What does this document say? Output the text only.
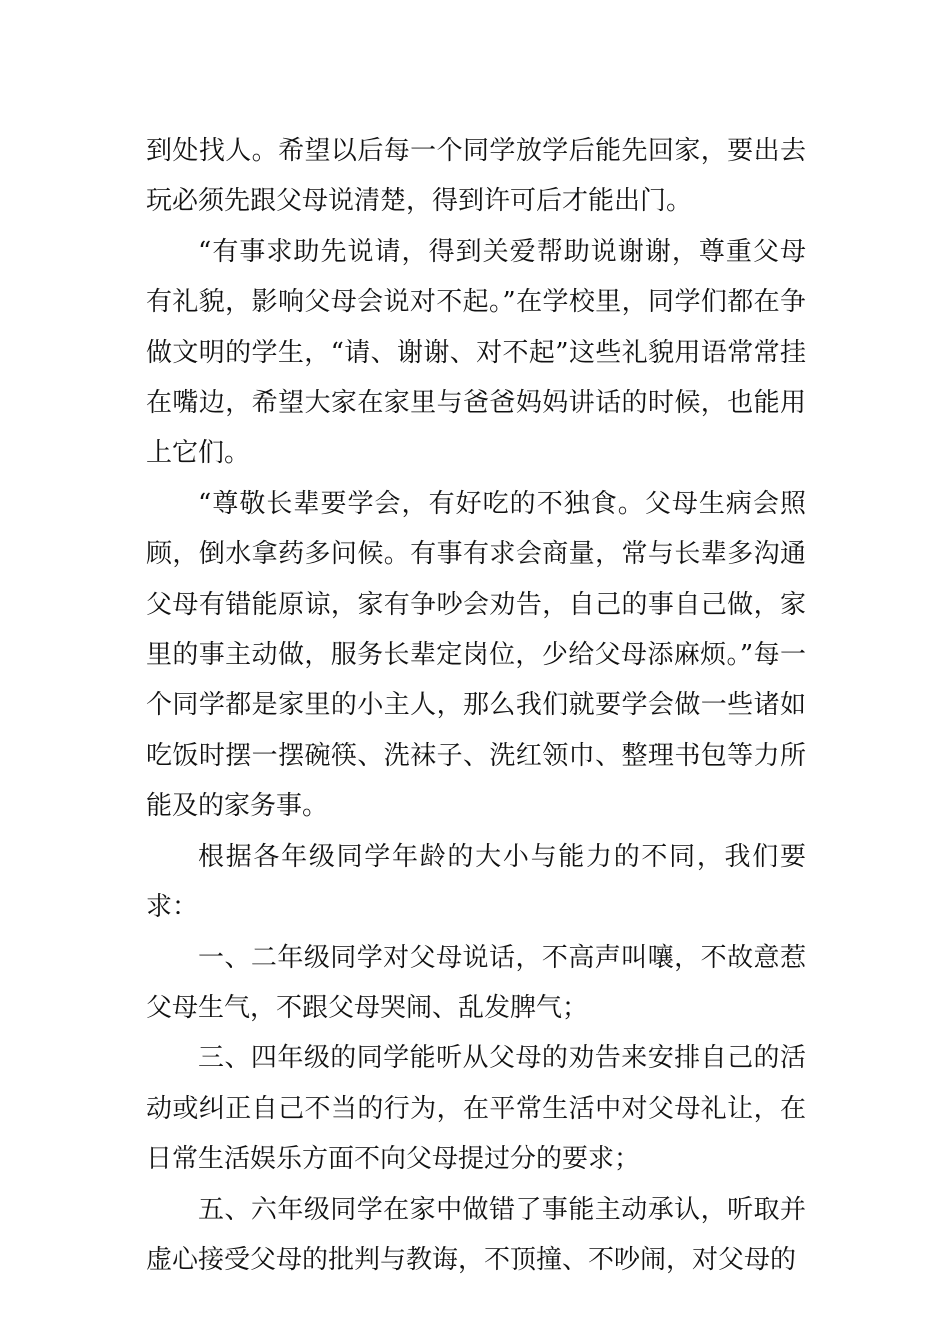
到处找人。希望以后每一个同学放学后能先回家，要出去玩必须先跟父母说清楚，得到许可后才能出门。

“有事求助先说请，得到关爱帮助说谢谢，尊重父母有礼貌，影响父母会说对不起。”在学校里，同学们都在争做文明的学生，“请、谢谢、对不起”这些礼貌用语常常挂在嘴边，希望大家在家里与爸爸妈妈讲话的时候，也能用上它们。

“尊敬长辈要学会，有好吃的不独食。父母生病会照顾，倒水拿药多问候。有事有求会商量，常与长辈多沟通父母有错能原谅，家有争吵会劝告，自己的事自己做，家里的事主动做，服务长辈定岗位，少给父母添麻烦。”每一个同学都是家里的小主人，那么我们就要学会做一些诸如吃饭时摆一摆碗筷、洗袜子、洗红领巾、整理书包等力所能及的家务事。

根据各年级同学年龄的大小与能力的不同，我们要求：

一、二年级同学对父母说话，不高声叫嚷，不故意惹父母生气，不跟父母哭闹、乱发脾气；

三、四年级的同学能听从父母的劝告来安排自己的活动或纠正自己不当的行为，在平常生活中对父母礼让，在日常生活娱乐方面不向父母提过分的要求；

五、六年级同学在家中做错了事能主动承认，听取并虚心接受父母的批判与教诲，不顶撞、不吵闹，对父母的
